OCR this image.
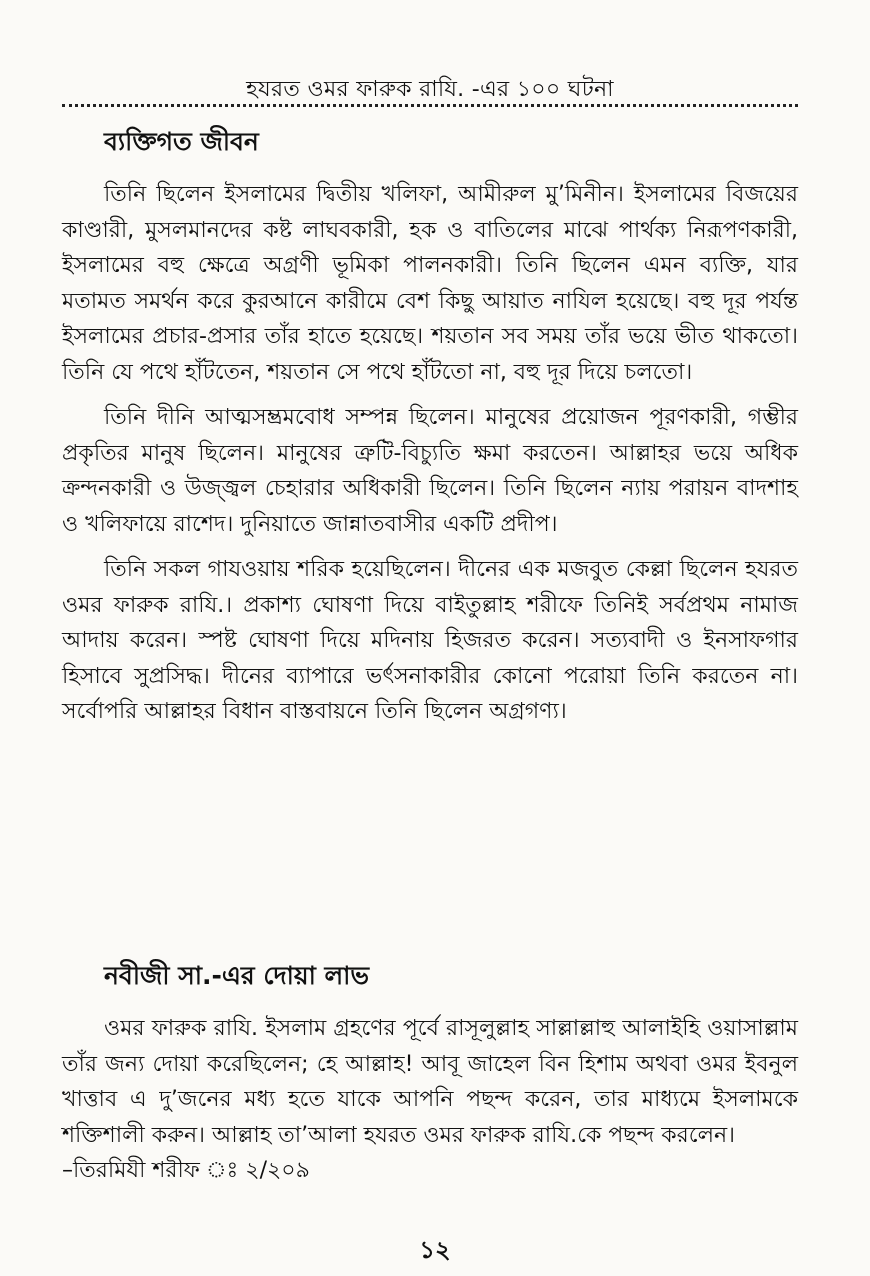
হযরত ওমর ফারুক রাযি. -এর ১০০ ঘটনা
ব্যক্তিগত জীবন

তিনি ছিলেন ইসলামের দ্বিতীয় খলিফা, আমীরুল মু’মিনীন। ইসলামের বিজয়ের কাণ্ডারী, মুসলমানদের কষ্ট লাঘবকারী, হক ও বাতিলের মাঝে পার্থক্য নিরূপণকারী, ইসলামের বহু ক্ষেত্রে অগ্রণী ভূমিকা পালনকারী। তিনি ছিলেন এমন ব্যক্তি, যার মতামত সমর্থন করে কুরআনে কারীমে বেশ কিছু আয়াত নাযিল হয়েছে। বহু দূর পর্যন্ত ইসলামের প্রচার-প্রসার তাঁর হাতে হয়েছে। শয়তান সব সময় তাঁর ভয়ে ভীত থাকতো। তিনি যে পথে হাঁটতেন, শয়তান সে পথে হাঁটতো না, বহু দূর দিয়ে চলতো।

তিনি দীনি আত্মসম্ভ্রমবোধ সম্পন্ন ছিলেন। মানুষের প্রয়োজন পূরণকারী, গম্ভীর প্রকৃতির মানুষ ছিলেন। মানুষের ত্রুটি-বিচ্যুতি ক্ষমা করতেন। আল্লাহর ভয়ে অধিক ক্রন্দনকারী ও উজ্জ্বল চেহারার অধিকারী ছিলেন। তিনি ছিলেন ন্যায় পরায়ন বাদশাহ ও খলিফায়ে রাশেদ। দুনিয়াতে জান্নাতবাসীর একটি প্রদীপ।

তিনি সকল গাযওয়ায় শরিক হয়েছিলেন। দীনের এক মজবুত কেল্লা ছিলেন হযরত ওমর ফারুক রাযি.। প্রকাশ্য ঘোষণা দিয়ে বাইতুল্লাহ শরীফে তিনিই সর্বপ্রথম নামাজ আদায় করেন। স্পষ্ট ঘোষণা দিয়ে মদিনায় হিজরত করেন। সত্যবাদী ও ইনসাফগার হিসাবে সুপ্রসিদ্ধ। দীনের ব্যাপারে ভর্ৎসনাকারীর কোনো পরোয়া তিনি করতেন না। সর্বোপরি আল্লাহর বিধান বাস্তবায়নে তিনি ছিলেন অগ্রগণ্য।

নবীজী সা.-এর দোয়া লাভ

ওমর ফারুক রাযি. ইসলাম গ্রহণের পূর্বে রাসূলুল্লাহ সাল্লাল্লাহু আলাইহি ওয়াসাল্লাম তাঁর জন্য দোয়া করেছিলেন; হে আল্লাহ! আবূ জাহেল বিন হিশাম অথবা ওমর ইবনুল খাত্তাব এ দু’জনের মধ্য হতে যাকে আপনি পছন্দ করেন, তার মাধ্যমে ইসলামকে শক্তিশালী করুন। আল্লাহ তা’আলা হযরত ওমর ফারুক রাযি.কে পছন্দ করলেন।

–তিরমিযী শরীফ ঃ ২/২০৯
১২
